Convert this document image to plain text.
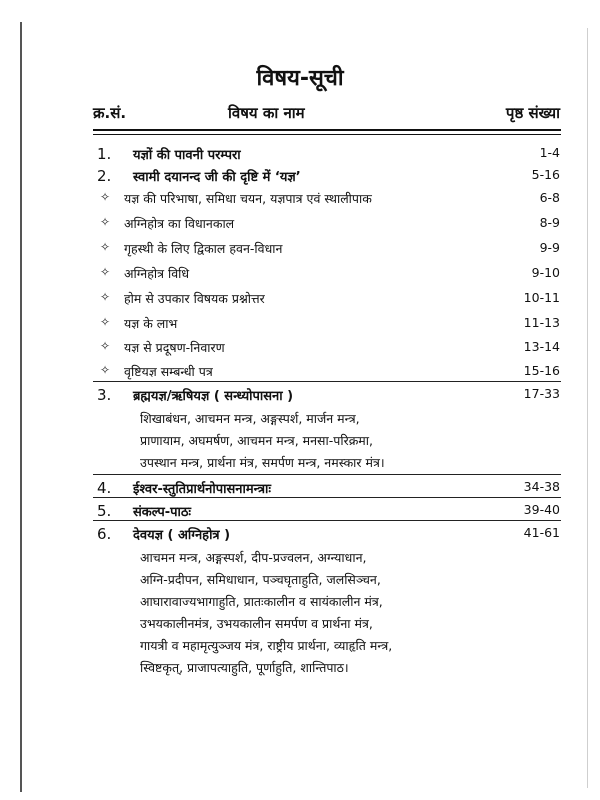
विषय-सूची
क्र.सं.	विषय का नाम	पृष्ठ संख्या
1. यज्ञों की पावनी परम्परा	1-4
2. स्वामी दयानन्द जी की दृष्टि में ‘यज्ञ’	5-16
✧ यज्ञ की परिभाषा, समिधा चयन, यज्ञपात्र एवं स्थालीपाक	6-8
✧ अग्निहोत्र का विधानकाल	8-9
✧ गृहस्थी के लिए द्विकाल हवन-विधान	9-9
✧ अग्निहोत्र विधि	9-10
✧ होम से उपकार विषयक प्रश्नोत्तर	10-11
✧ यज्ञ के लाभ	11-13
✧ यज्ञ से प्रदूषण-निवारण	13-14
✧ वृष्टियज्ञ सम्बन्धी पत्र	15-16
3. ब्रह्मयज्ञ/ऋषियज्ञ ( सन्ध्योपासना )	17-33
शिखाबंधन, आचमन मन्त्र, अङ्गस्पर्श, मार्जन मन्त्र,
प्राणायाम, अघमर्षण, आचमन मन्त्र, मनसा-परिक्रमा,
उपस्थान मन्त्र, प्रार्थना मंत्र, समर्पण मन्त्र, नमस्कार मंत्र।
4. ईश्वर-स्तुतिप्रार्थनोपासनामन्त्राः	34-38
5. संकल्प-पाठः	39-40
6. देवयज्ञ ( अग्निहोत्र )	41-61
आचमन मन्त्र, अङ्गस्पर्श, दीप-प्रज्वलन, अग्न्याधान,
अग्नि-प्रदीपन, समिधाधान, पञ्चघृताहुति, जलसिञ्चन,
आघारावाज्यभागाहुति, प्रातःकालीन व सायंकालीन मंत्र,
उभयकालीनमंत्र, उभयकालीन समर्पण व प्रार्थना मंत्र,
गायत्री व महामृत्युञ्जय मंत्र, राष्ट्रीय प्रार्थना, व्याहृति मन्त्र,
स्विष्टकृत्, प्राजापत्याहुति, पूर्णाहुति, शान्तिपाठ।
